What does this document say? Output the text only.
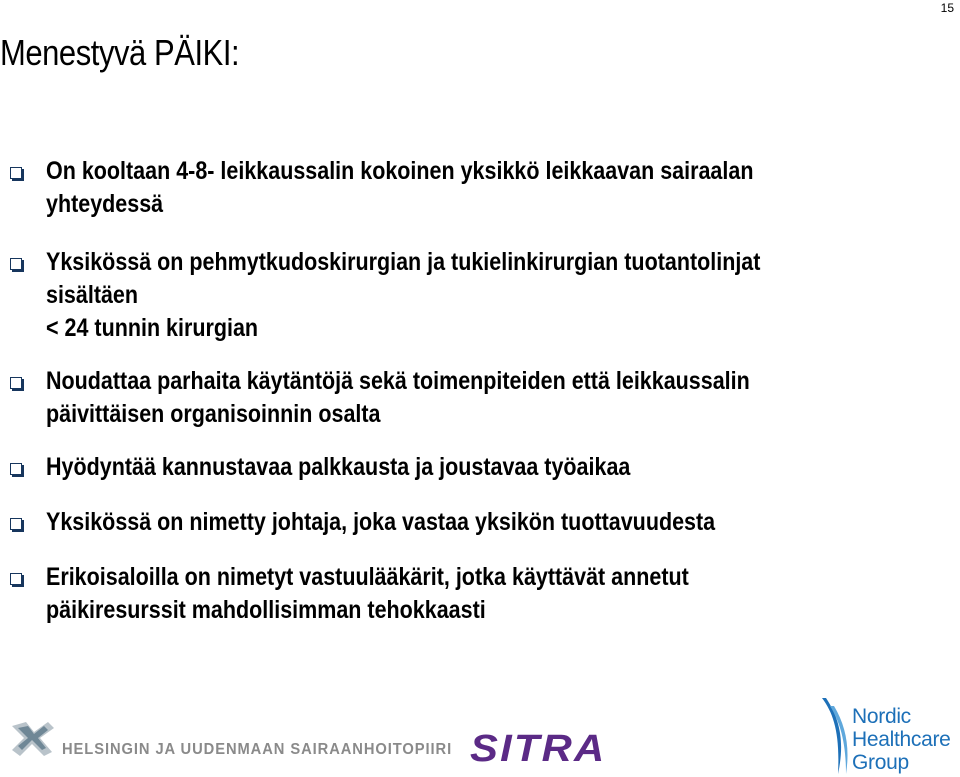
15
Menestyvä PÄIKI:

On kooltaan 4-8- leikkaussalin kokoinen yksikkö leikkaavan sairaalan
yhteydessä

Yksikössä on pehmytkudoskirurgian ja tukielinkirurgian tuotantolinjat
sisältäen
< 24 tunnin kirurgian

Noudattaa parhaita käytäntöjä sekä toimenpiteiden että leikkaussalin
päivittäisen organisoinnin osalta

Hyödyntää kannustavaa palkkausta ja joustavaa työaikaa

Yksikössä on nimetty johtaja, joka vastaa yksikön tuottavuudesta

Erikoisaloilla on nimetyt vastuulääkärit, jotka käyttävät annetut
päikiresurssit mahdollisimman tehokkaasti

HELSINGIN JA UUDENMAAN SAIRAANHOITOPIIRI SITRA

Nordic

Healthcare

Group
